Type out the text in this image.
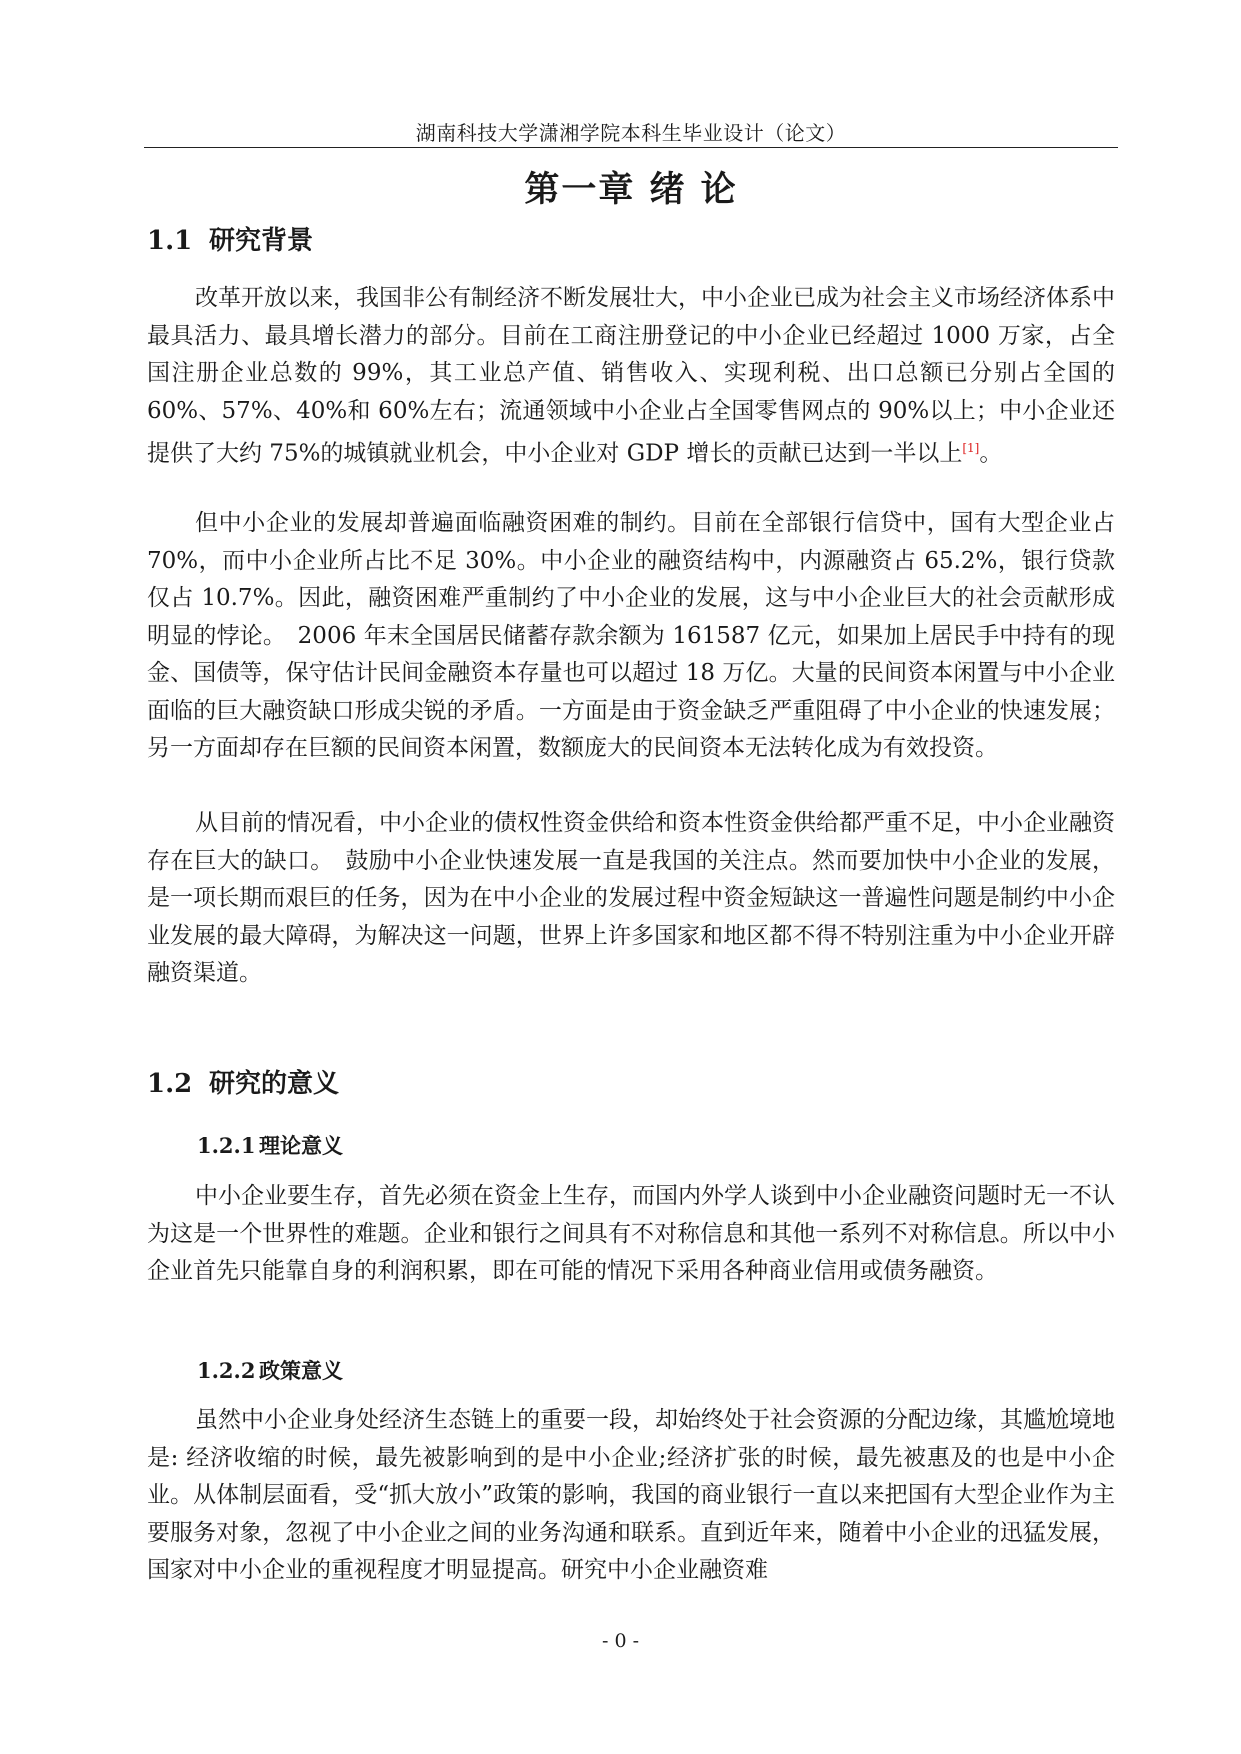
湖南科技大学潇湘学院本科生毕业设计（论文）
第一章 绪 论
1.1 研究背景

改革开放以来，我国非公有制经济不断发展壮大，中小企业已成为社会主义市场经济体系中最具活力、最具增长潜力的部分。目前在工商注册登记的中小企业已经超过 1000 万家，占全国注册企业总数的 99%，其工业总产值、销售收入、实现利税、出口总额已分别占全国的 60%、57%、40%和 60%左右；流通领域中小企业占全国零售网点的 90%以上；中小企业还提供了大约 75%的城镇就业机会，中小企业对 GDP 增长的贡献已达到一半以上[1]。

但中小企业的发展却普遍面临融资困难的制约。目前在全部银行信贷中，国有大型企业占 70%，而中小企业所占比不足 30%。中小企业的融资结构中，内源融资占 65.2%，银行贷款仅占 10.7%。因此，融资困难严重制约了中小企业的发展，这与中小企业巨大的社会贡献形成明显的悖论。　2006 年末全国居民储蓄存款余额为 161587 亿元，如果加上居民手中持有的现金、国债等，保守估计民间金融资本存量也可以超过 18 万亿。大量的民间资本闲置与中小企业面临的巨大融资缺口形成尖锐的矛盾。一方面是由于资金缺乏严重阻碍了中小企业的快速发展；另一方面却存在巨额的民间资本闲置，数额庞大的民间资本无法转化成为有效投资。

从目前的情况看，中小企业的债权性资金供给和资本性资金供给都严重不足，中小企业融资存在巨大的缺口。　鼓励中小企业快速发展一直是我国的关注点。然而要加快中小企业的发展，是一项长期而艰巨的任务，因为在中小企业的发展过程中资金短缺这一普遍性问题是制约中小企业发展的最大障碍，为解决这一问题，世界上许多国家和地区都不得不特别注重为中小企业开辟融资渠道。

1.2 研究的意义
1.2.1 理论意义

中小企业要生存，首先必须在资金上生存，而国内外学人谈到中小企业融资问题时无一不认为这是一个世界性的难题。企业和银行之间具有不对称信息和其他一系列不对称信息。所以中小企业首先只能靠自身的利润积累，即在可能的情况下采用各种商业信用或债务融资。

1.2.2 政策意义

虽然中小企业身处经济生态链上的重要一段，却始终处于社会资源的分配边缘，其尴尬境地是: 经济收缩的时候，最先被影响到的是中小企业;经济扩张的时候，最先被惠及的也是中小企业。从体制层面看，受“抓大放小”政策的影响，我国的商业银行一直以来把国有大型企业作为主要服务对象，忽视了中小企业之间的业务沟通和联系。直到近年来，随着中小企业的迅猛发展，国家对中小企业的重视程度才明显提高。研究中小企业融资难

- 0 -
